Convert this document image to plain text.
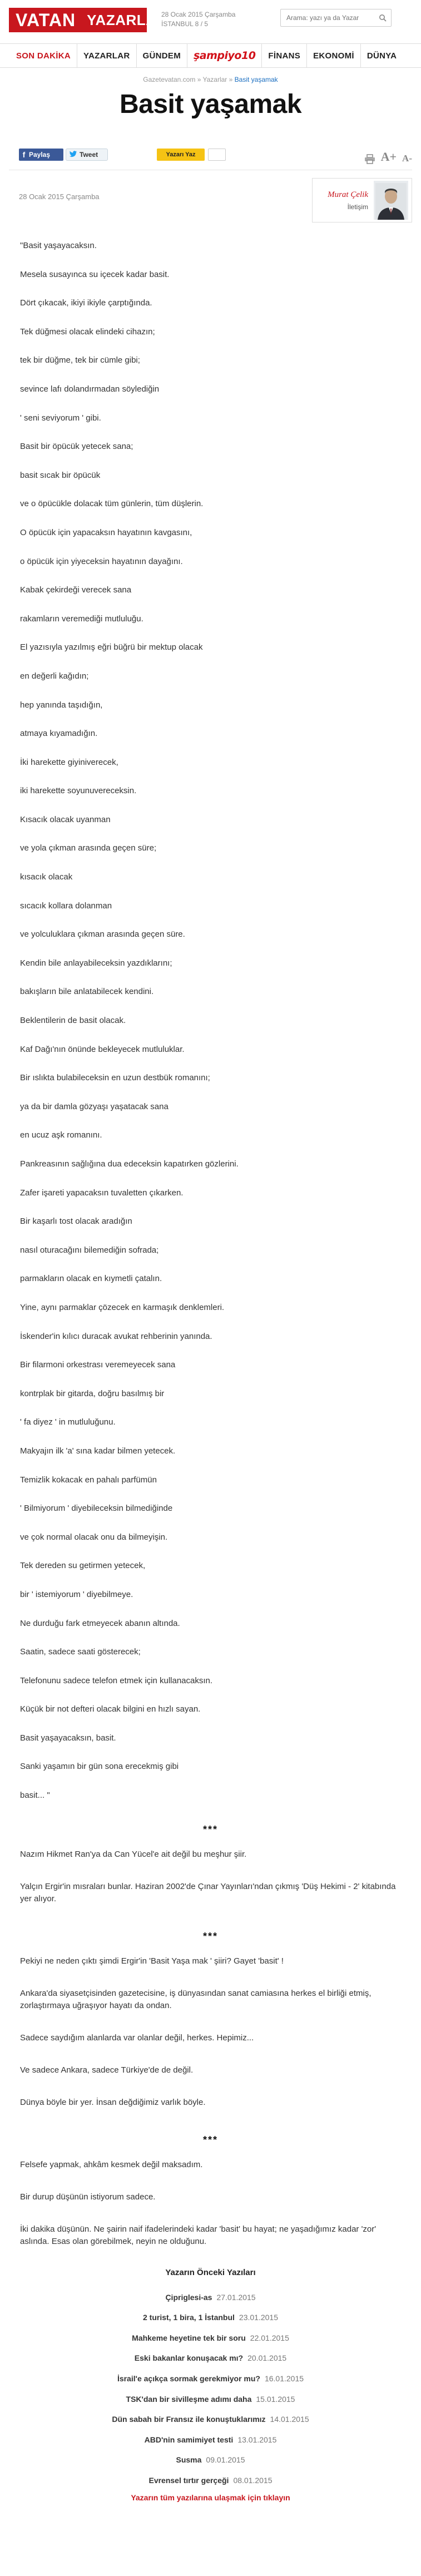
VATAN YAZARLAR
28 Ocak 2015 Çarşamba
İSTANBUL 8 / 5
Arama: yazı ya da Yazar
SON DAKİKA	YAZARLAR	GÜNDEM	şampiyo10	FİNANS	EKONOMİ	DÜNYA
Gazetevatan.com » Yazarlar » Basit yaşamak
Basit yaşamak
f Paylaş	Tweet	Yazarı Yaz	A+ A-
28 Ocak 2015 Çarşamba	Murat Çelik
İletişim

"Basit yaşayacaksın.

Mesela susayınca su içecek kadar basit.

Dört çıkacak, ikiyi ikiyle çarptığında.

Tek düğmesi olacak elindeki cihazın;

tek bir düğme, tek bir cümle gibi;

sevince lafı dolandırmadan söylediğin

' seni seviyorum ' gibi.

Basit bir öpücük yetecek sana;

basit sıcak bir öpücük

ve o öpücükle dolacak tüm günlerin, tüm düşlerin.

O öpücük için yapacaksın hayatının kavgasını,

o öpücük için yiyeceksin hayatının dayağını.

Kabak çekirdeği verecek sana

rakamların veremediği mutluluğu.

El yazısıyla yazılmış eğri büğrü bir mektup olacak

en değerli kağıdın;

hep yanında taşıdığın,

atmaya kıyamadığın.

İki harekette giyiniverecek,

iki harekette soyunuvereceksin.

Kısacık olacak uyanman

ve yola çıkman arasında geçen süre;

kısacık olacak

sıcacık kollara dolanman

ve yolculuklara çıkman arasında geçen süre.

Kendin bile anlayabileceksin yazdıklarını;

bakışların bile anlatabilecek kendini.

Beklentilerin de basit olacak.

Kaf Dağı'nın önünde bekleyecek mutluluklar.

Bir ıslıkta bulabileceksin en uzun destbük romanını;

ya da bir damla gözyaşı yaşatacak sana

en ucuz aşk romanını.

Pankreasının sağlığına dua edeceksin kapatırken gözlerini.

Zafer işareti yapacaksın tuvaletten çıkarken.

Bir kaşarlı tost olacak aradığın

nasıl oturacağını bilemediğin sofrada;

parmakların olacak en kıymetli çatalın.

Yine, aynı parmaklar çözecek en karmaşık denklemleri.

İskender'in kılıcı duracak avukat rehberinin yanında.

Bir filarmoni orkestrası veremeyecek sana

kontrplak bir gitarda, doğru basılmış bir

' fa diyez ' in mutluluğunu.

Makyajın ilk 'a' sına kadar bilmen yetecek.

Temizlik kokacak en pahalı parfümün

' Bilmiyorum ' diyebileceksin bilmediğinde

ve çok normal olacak onu da bilmeyişin.

Tek dereden su getirmen yetecek,

bir ' istemiyorum ' diyebilmeye.

Ne durduğu fark etmeyecek abanın altında.

Saatin, sadece saati gösterecek;

Telefonunu sadece telefon etmek için kullanacaksın.

Küçük bir not defteri olacak bilgini en hızlı sayan.

Basit yaşayacaksın, basit.

Sanki yaşamın bir gün sona erecekmiş gibi

basit... "

***

Nazım Hikmet Ran'ya da Can Yücel'e ait değil bu meşhur şiir.

Yalçın Ergir'in mısraları bunlar. Haziran 2002'de Çınar Yayınları'ndan çıkmış 'Düş Hekimi - 2' kitabında yer alıyor.

***

Pekiyi ne neden çıktı şimdi Ergir'in 'Basit Yaşa mak ' şiiri? Gayet 'basit' !

Ankara'da siyasetçisinden gazetecisine, iş dünyasından sanat camiasına herkes el birliği etmiş, zorlaştırmaya uğraşıyor hayatı da ondan.

Sadece saydığım alanlarda var olanlar değil, herkes. Hepimiz...

Ve sadece Ankara, sadece Türkiye'de de değil.

Dünya böyle bir yer. İnsan değdiğimiz varlık böyle.

***

Felsefe yapmak, ahkâm kesmek değil maksadım.

Bir durup düşünün istiyorum sadece.

İki dakika düşünün. Ne şairin naif ifadelerindeki kadar 'basit' bu hayat; ne yaşadığımız kadar 'zor' aslında. Esas olan görebilmek, neyin ne olduğunu.

Yazarın Önceki Yazıları
Çipriglesi-as 27.01.2015
2 turist, 1 bira, 1 İstanbul 23.01.2015
Mahkeme heyetine tek bir soru 22.01.2015
Eski bakanlar konuşacak mı? 20.01.2015
İsrail'e açıkça sormak gerekmiyor mu? 16.01.2015
TSK'dan bir sivilleşme adımı daha 15.01.2015
Dün sabah bir Fransız ile konuştuklarımız 14.01.2015
ABD'nin samimiyet testi 13.01.2015
Susma 09.01.2015
Evrensel tırtır gerçeği 08.01.2015
Yazarın tüm yazılarına ulaşmak için tıklayın
